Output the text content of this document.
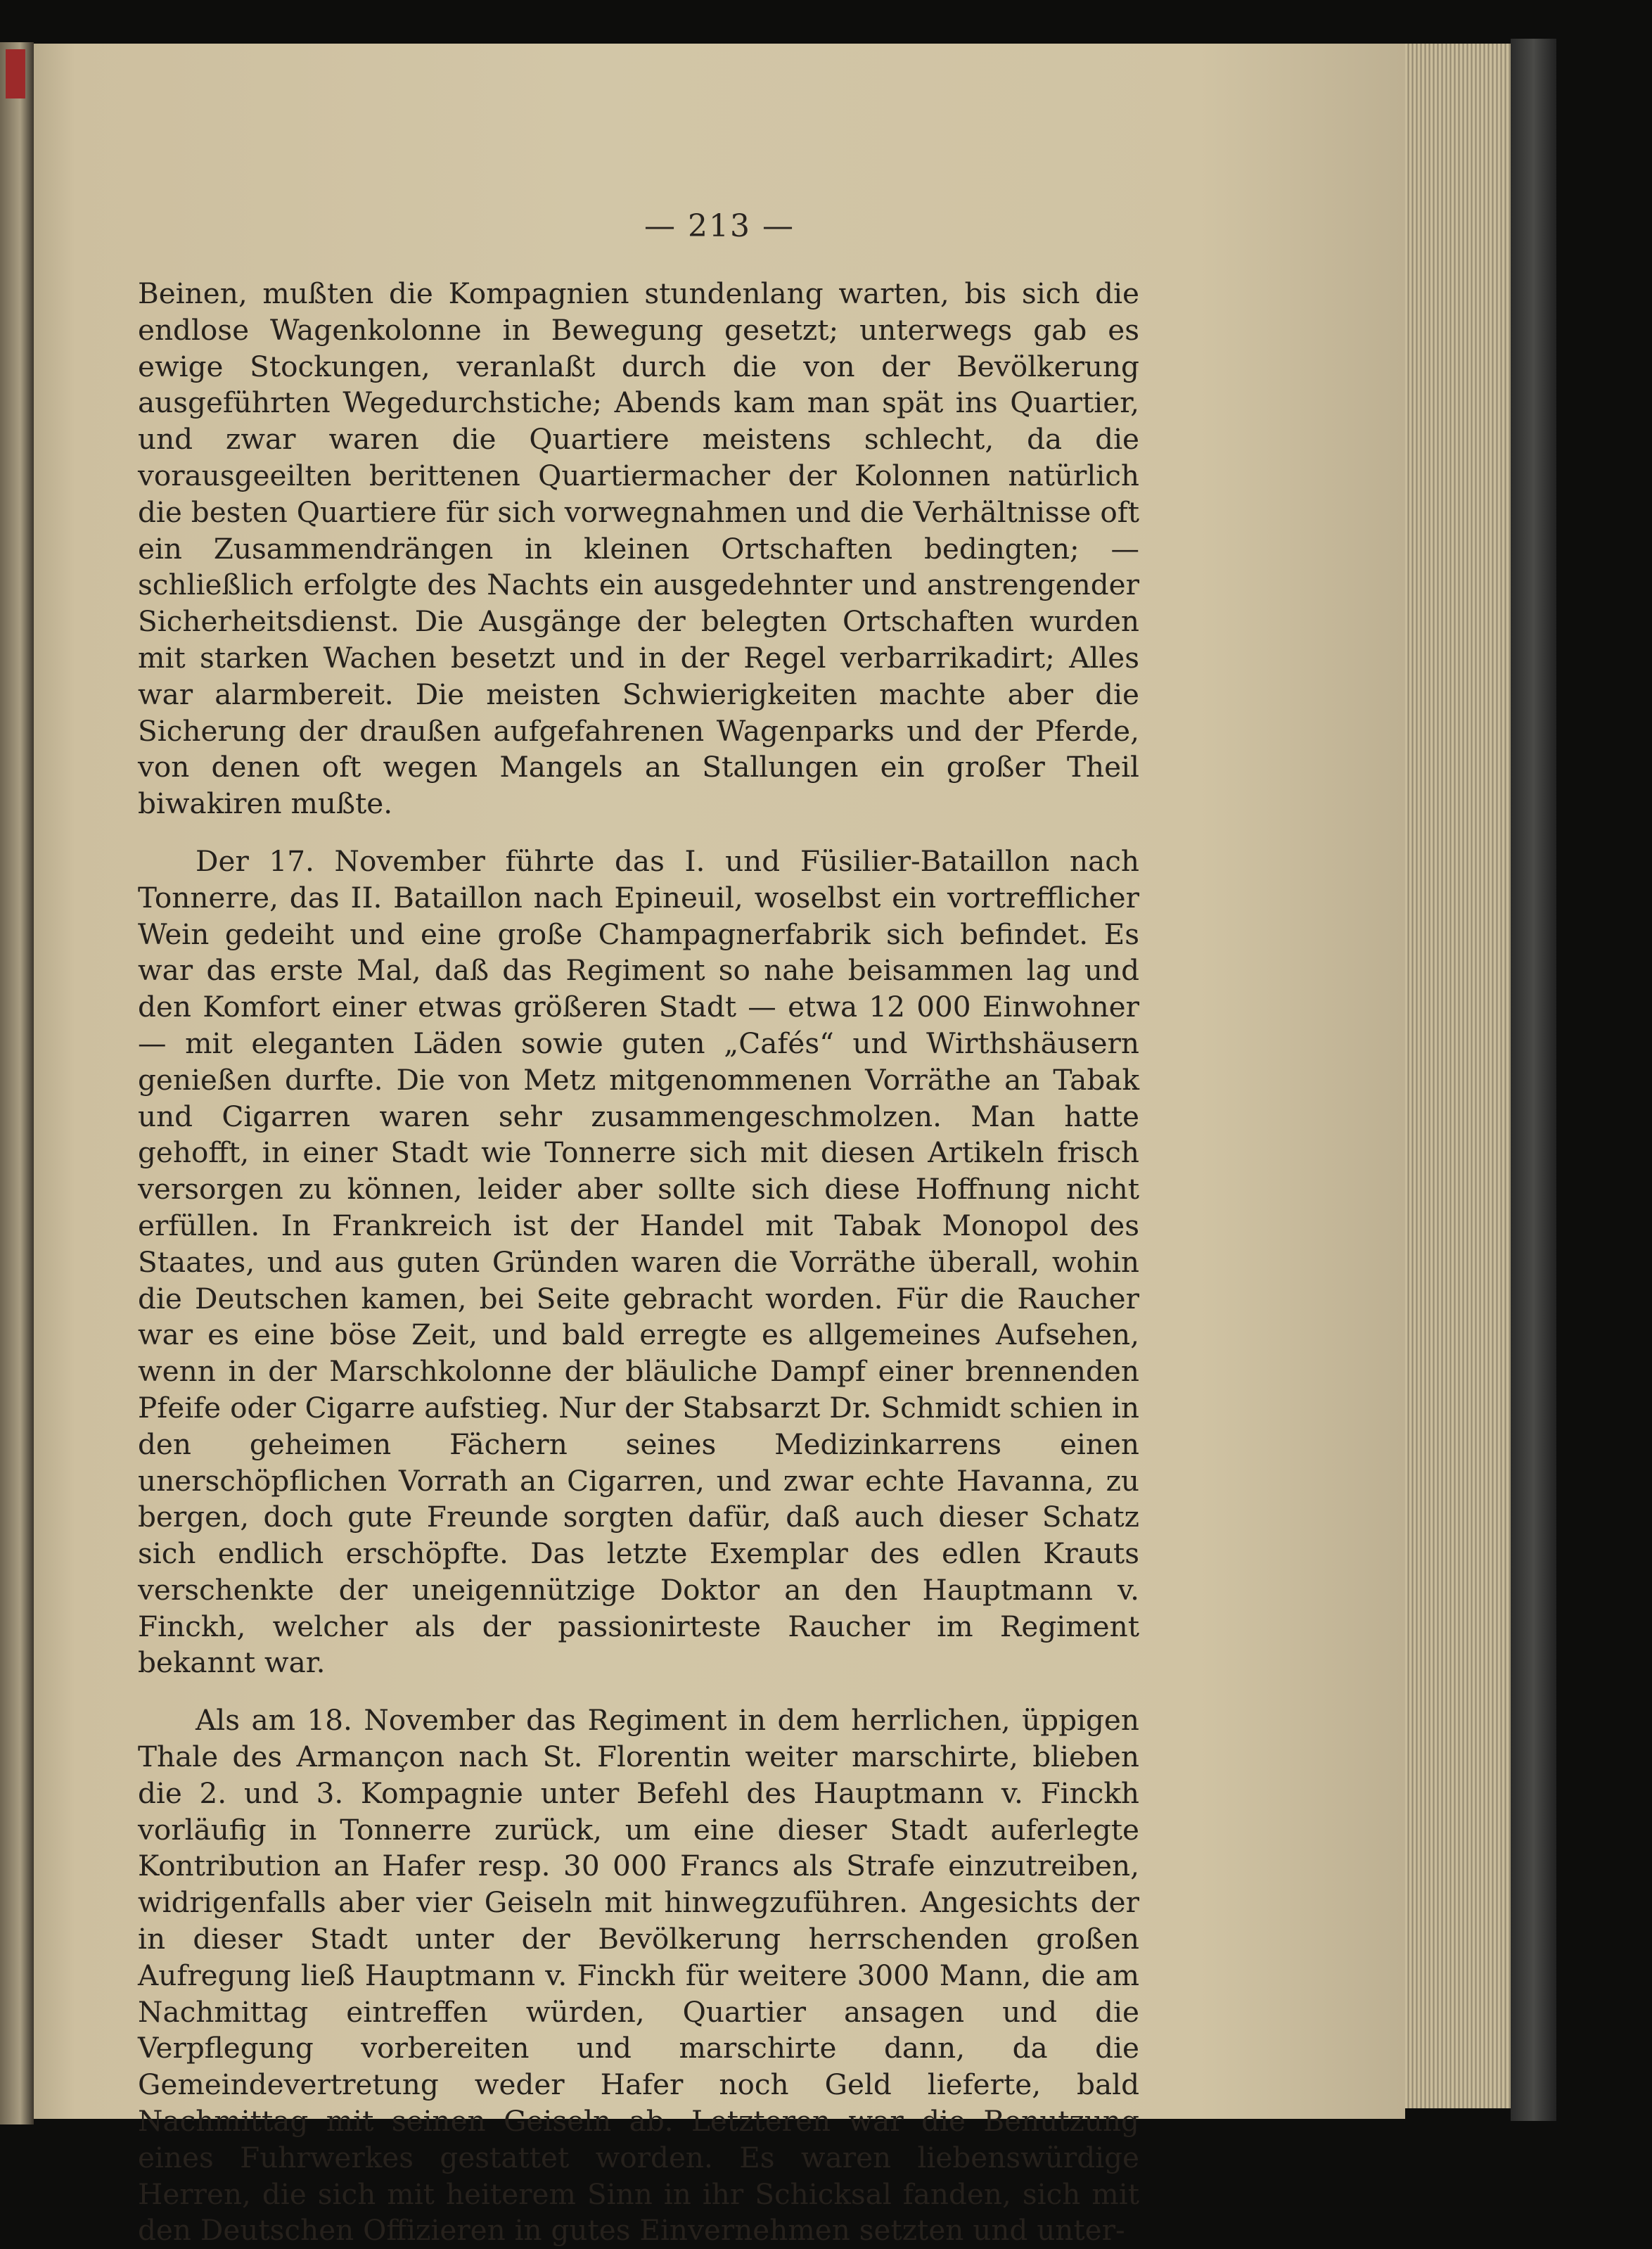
— 213 —

Beinen, mußten die Kompagnien stundenlang warten, bis sich die endlose Wagenkolonne in Bewegung gesetzt; unterwegs gab es ewige Stockungen, veranlaßt durch die von der Bevölkerung ausgeführten Wegedurchstiche; Abends kam man spät ins Quartier, und zwar waren die Quartiere meistens schlecht, da die vorausgeeilten berittenen Quartiermacher der Kolonnen natürlich die besten Quartiere für sich vorwegnahmen und die Verhältnisse oft ein Zusammendrängen in kleinen Ortschaften bedingten; — schließlich erfolgte des Nachts ein ausgedehnter und anstrengender Sicherheitsdienst. Die Ausgänge der belegten Ortschaften wurden mit starken Wachen besetzt und in der Regel verbarrikadirt; Alles war alarmbereit. Die meisten Schwierigkeiten machte aber die Sicherung der draußen aufgefahrenen Wagenparks und der Pferde, von denen oft wegen Mangels an Stallungen ein großer Theil biwakiren mußte.

Der 17. November führte das I. und Füsilier-Bataillon nach Tonnerre, das II. Bataillon nach Epineuil, woselbst ein vortrefflicher Wein gedeiht und eine große Champagnerfabrik sich befindet. Es war das erste Mal, daß das Regiment so nahe beisammen lag und den Komfort einer etwas größeren Stadt — etwa 12 000 Einwohner — mit eleganten Läden sowie guten „Cafés“ und Wirthshäusern genießen durfte. Die von Metz mitgenommenen Vorräthe an Tabak und Cigarren waren sehr zusammengeschmolzen. Man hatte gehofft, in einer Stadt wie Tonnerre sich mit diesen Artikeln frisch versorgen zu können, leider aber sollte sich diese Hoffnung nicht erfüllen. In Frankreich ist der Handel mit Tabak Monopol des Staates, und aus guten Gründen waren die Vorräthe überall, wohin die Deutschen kamen, bei Seite gebracht worden. Für die Raucher war es eine böse Zeit, und bald erregte es allgemeines Aufsehen, wenn in der Marschkolonne der bläuliche Dampf einer brennenden Pfeife oder Cigarre aufstieg. Nur der Stabsarzt Dr. Schmidt schien in den geheimen Fächern seines Medizinkarrens einen unerschöpflichen Vorrath an Cigarren, und zwar echte Havanna, zu bergen, doch gute Freunde sorgten dafür, daß auch dieser Schatz sich endlich erschöpfte. Das letzte Exemplar des edlen Krauts verschenkte der uneigennützige Doktor an den Hauptmann v. Finckh, welcher als der passionirteste Raucher im Regiment bekannt war.

Als am 18. November das Regiment in dem herrlichen, üppigen Thale des Armançon nach St. Florentin weiter marschirte, blieben die 2. und 3. Kompagnie unter Befehl des Hauptmann v. Finckh vorläufig in Tonnerre zurück, um eine dieser Stadt auferlegte Kontribution an Hafer resp. 30 000 Francs als Strafe einzutreiben, widrigenfalls aber vier Geiseln mit hinwegzuführen. Angesichts der in dieser Stadt unter der Bevölkerung herrschenden großen Aufregung ließ Hauptmann v. Finckh für weitere 3000 Mann, die am Nachmittag eintreffen würden, Quartier ansagen und die Verpflegung vorbereiten und marschirte dann, da die Gemeindevertretung weder Hafer noch Geld lieferte, bald Nachmittag mit seinen Geiseln ab. Letzteren war die Benutzung eines Fuhrwerkes gestattet worden. Es waren liebenswürdige Herren, die sich mit heiterem Sinn in ihr Schicksal fanden, sich mit den Deutschen Offizieren in gutes Einvernehmen setzten und unter-
